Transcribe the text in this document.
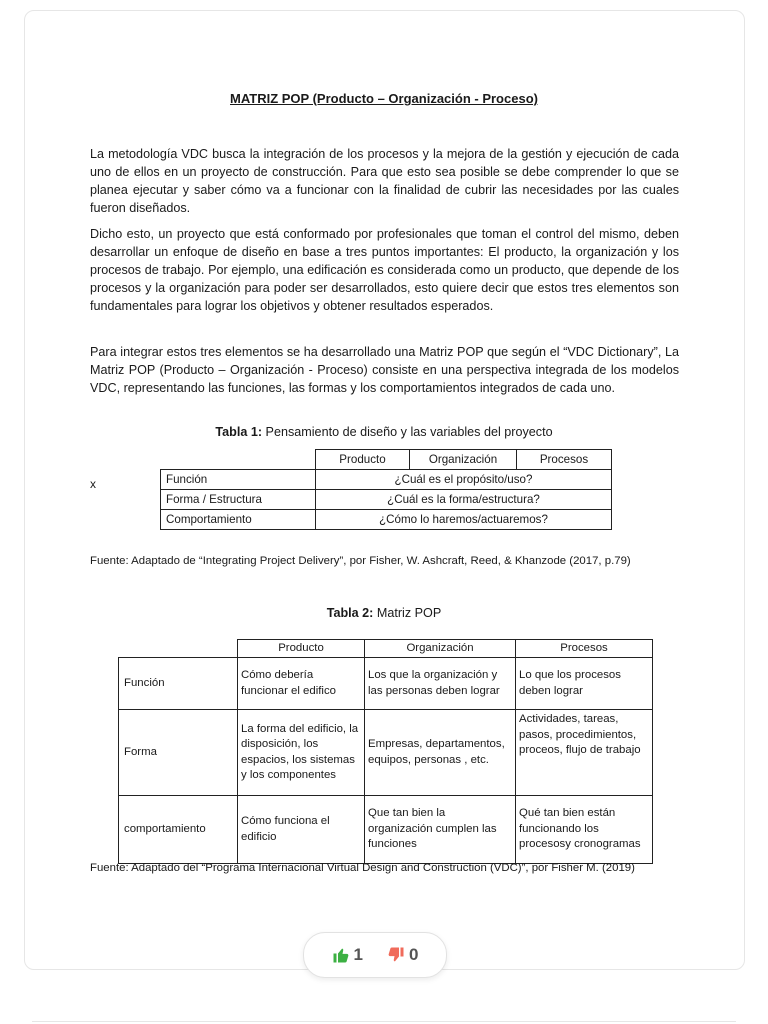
MATRIZ POP (Producto – Organización - Proceso)

La metodología VDC busca la integración de los procesos y la mejora de la gestión y ejecución de cada uno de ellos en un proyecto de construcción. Para que esto sea posible se debe comprender lo que se planea ejecutar y saber cómo va a funcionar con la finalidad de cubrir las necesidades por las cuales fueron diseñados.

Dicho esto, un proyecto que está conformado por profesionales que toman el control del mismo, deben desarrollar un enfoque de diseño en base a tres puntos importantes: El producto, la organización y los procesos de trabajo. Por ejemplo, una edificación es considerada como un producto, que depende de los procesos y la organización para poder ser desarrollados, esto quiere decir que estos tres elementos son fundamentales para lograr los objetivos y obtener resultados esperados.

Para integrar estos tres elementos se ha desarrollado una Matriz POP que según el “VDC Dictionary”, La Matriz POP (Producto – Organización - Proceso) consiste en una perspectiva integrada de los modelos VDC, representando las funciones, las formas y los comportamientos integrados de cada uno.

Tabla 1: Pensamiento de diseño y las variables del proyecto
x
	Producto	Organización	Procesos
Función	¿Cuál es el propósito/uso?		
Forma / Estructura	¿Cuál es la forma/estructura?		
Comportamiento	¿Cómo lo haremos/actuaremos?		
Fuente: Adaptado de “Integrating Project Delivery”, por Fisher, W. Ashcraft, Reed, & Khanzode (2017, p.79)
Tabla 2: Matriz POP
	Producto	Organización	Procesos
Función	Cómo debería funcionar el edifico	Los que la organización y las personas deben lograr	Lo que los procesos deben lograr
Forma	La forma del edificio, la disposición, los espacios, los sistemas y los componentes	Empresas, departamentos, equipos, personas , etc.	Actividades, tareas, pasos, procedimientos, proceos, flujo de trabajo
comportamiento	Cómo funciona el edificio	Que tan bien la organización cumplen las funciones	Qué tan bien están funcionando los procesosy cronogramas
Fuente: Adaptado del “Programa Internacional Virtual Design and Construction (VDC)”, por Fisher M. (2019)
1	0
